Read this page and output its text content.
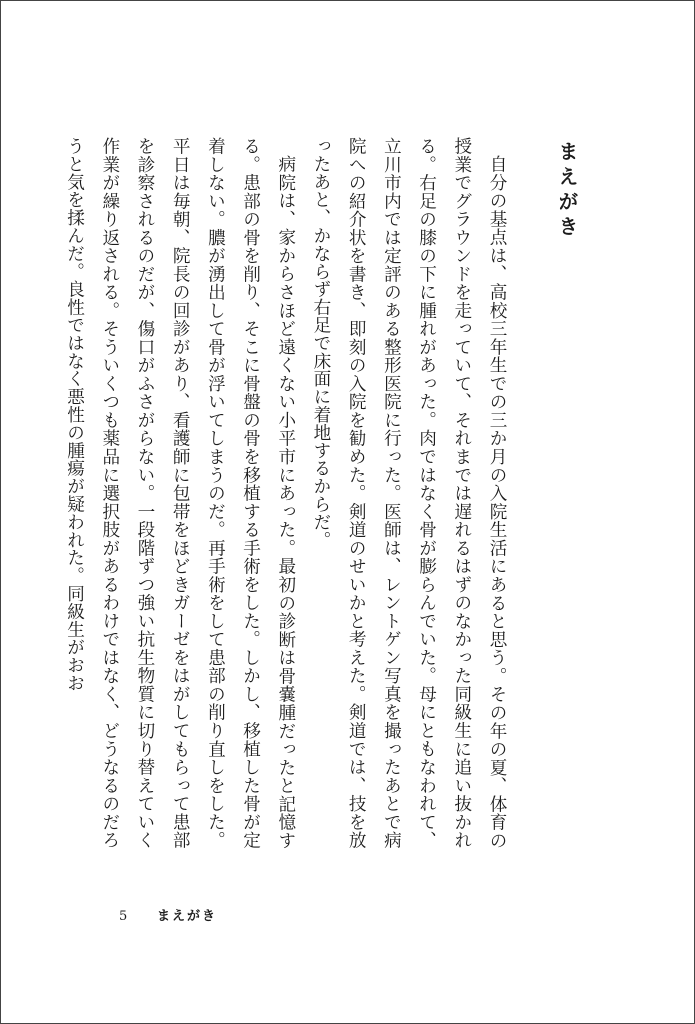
まえがき

自分の基点は、高校三年生での三か月の入院生活にあると思う。その年の夏、体育の授業でグラウンドを走っていて、それまでは遅れるはずのなかった同級生に追い抜かれる。右足の膝の下に腫れがあった。肉ではなく骨が膨らんでいた。母にともなわれて、立川市内では定評のある整形医院に行った。医師は、レントゲン写真を撮ったあとで病院への紹介状を書き、即刻の入院を勧めた。剣道のせいかと考えた。剣道では、技を放ったあと、かならず右足で床面に着地するからだ。

病院は、家からさほど遠くない小平市にあった。最初の診断は骨嚢腫だったと記憶する。患部の骨を削り、そこに骨盤の骨を移植する手術をした。しかし、移植した骨が定着しない。膿が湧出して骨が浮いてしまうのだ。再手術をして患部の削り直しをした。平日は毎朝、院長の回診があり、看護師に包帯をほどきガーゼをはがしてもらって患部を診察されるのだが、傷口がふさがらない。一段階ずつ強い抗生物質に切り替えていく作業が繰り返される。そういくつも薬品に選択肢があるわけではなく、どうなるのだろうと気を揉んだ。良性ではなく悪性の腫瘍が疑われた。同級生がおお

5 まえがき
